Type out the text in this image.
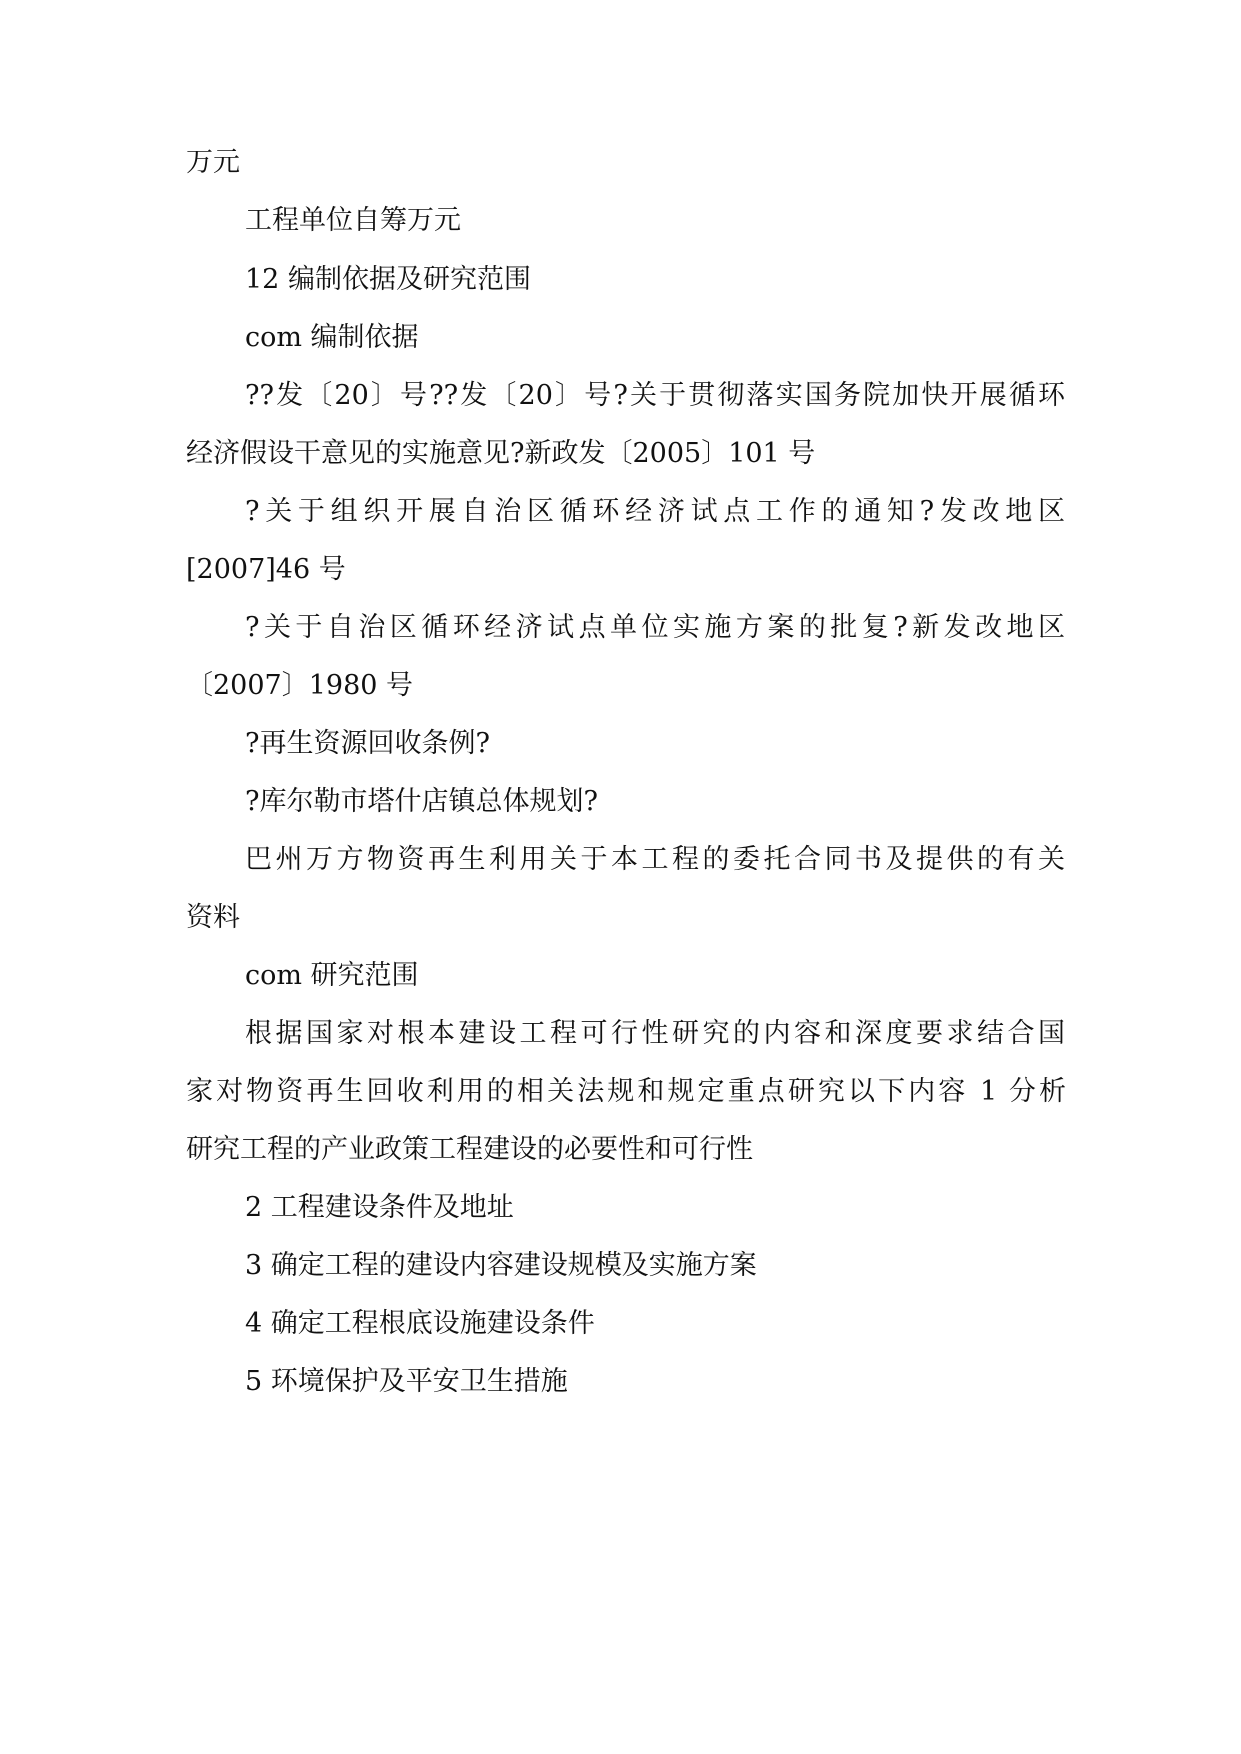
万元
工程单位自筹万元
12 编制依据及研究范围
com 编制依据
??发〔20〕号??发〔20〕号?关于贯彻落实国务院加快开展循环
经济假设干意见的实施意见?新政发〔2005〕101 号
?关于组织开展自治区循环经济试点工作的通知?发改地区
[2007]46 号
?关于自治区循环经济试点单位实施方案的批复?新发改地区
〔2007〕1980 号
?再生资源回收条例?
?库尔勒市塔什店镇总体规划?
巴州万方物资再生利用关于本工程的委托合同书及提供的有关
资料
com 研究范围
根据国家对根本建设工程可行性研究的内容和深度要求结合国
家对物资再生回收利用的相关法规和规定重点研究以下内容 1 分析
研究工程的产业政策工程建设的必要性和可行性
2 工程建设条件及地址
3 确定工程的建设内容建设规模及实施方案
4 确定工程根底设施建设条件
5 环境保护及平安卫生措施
